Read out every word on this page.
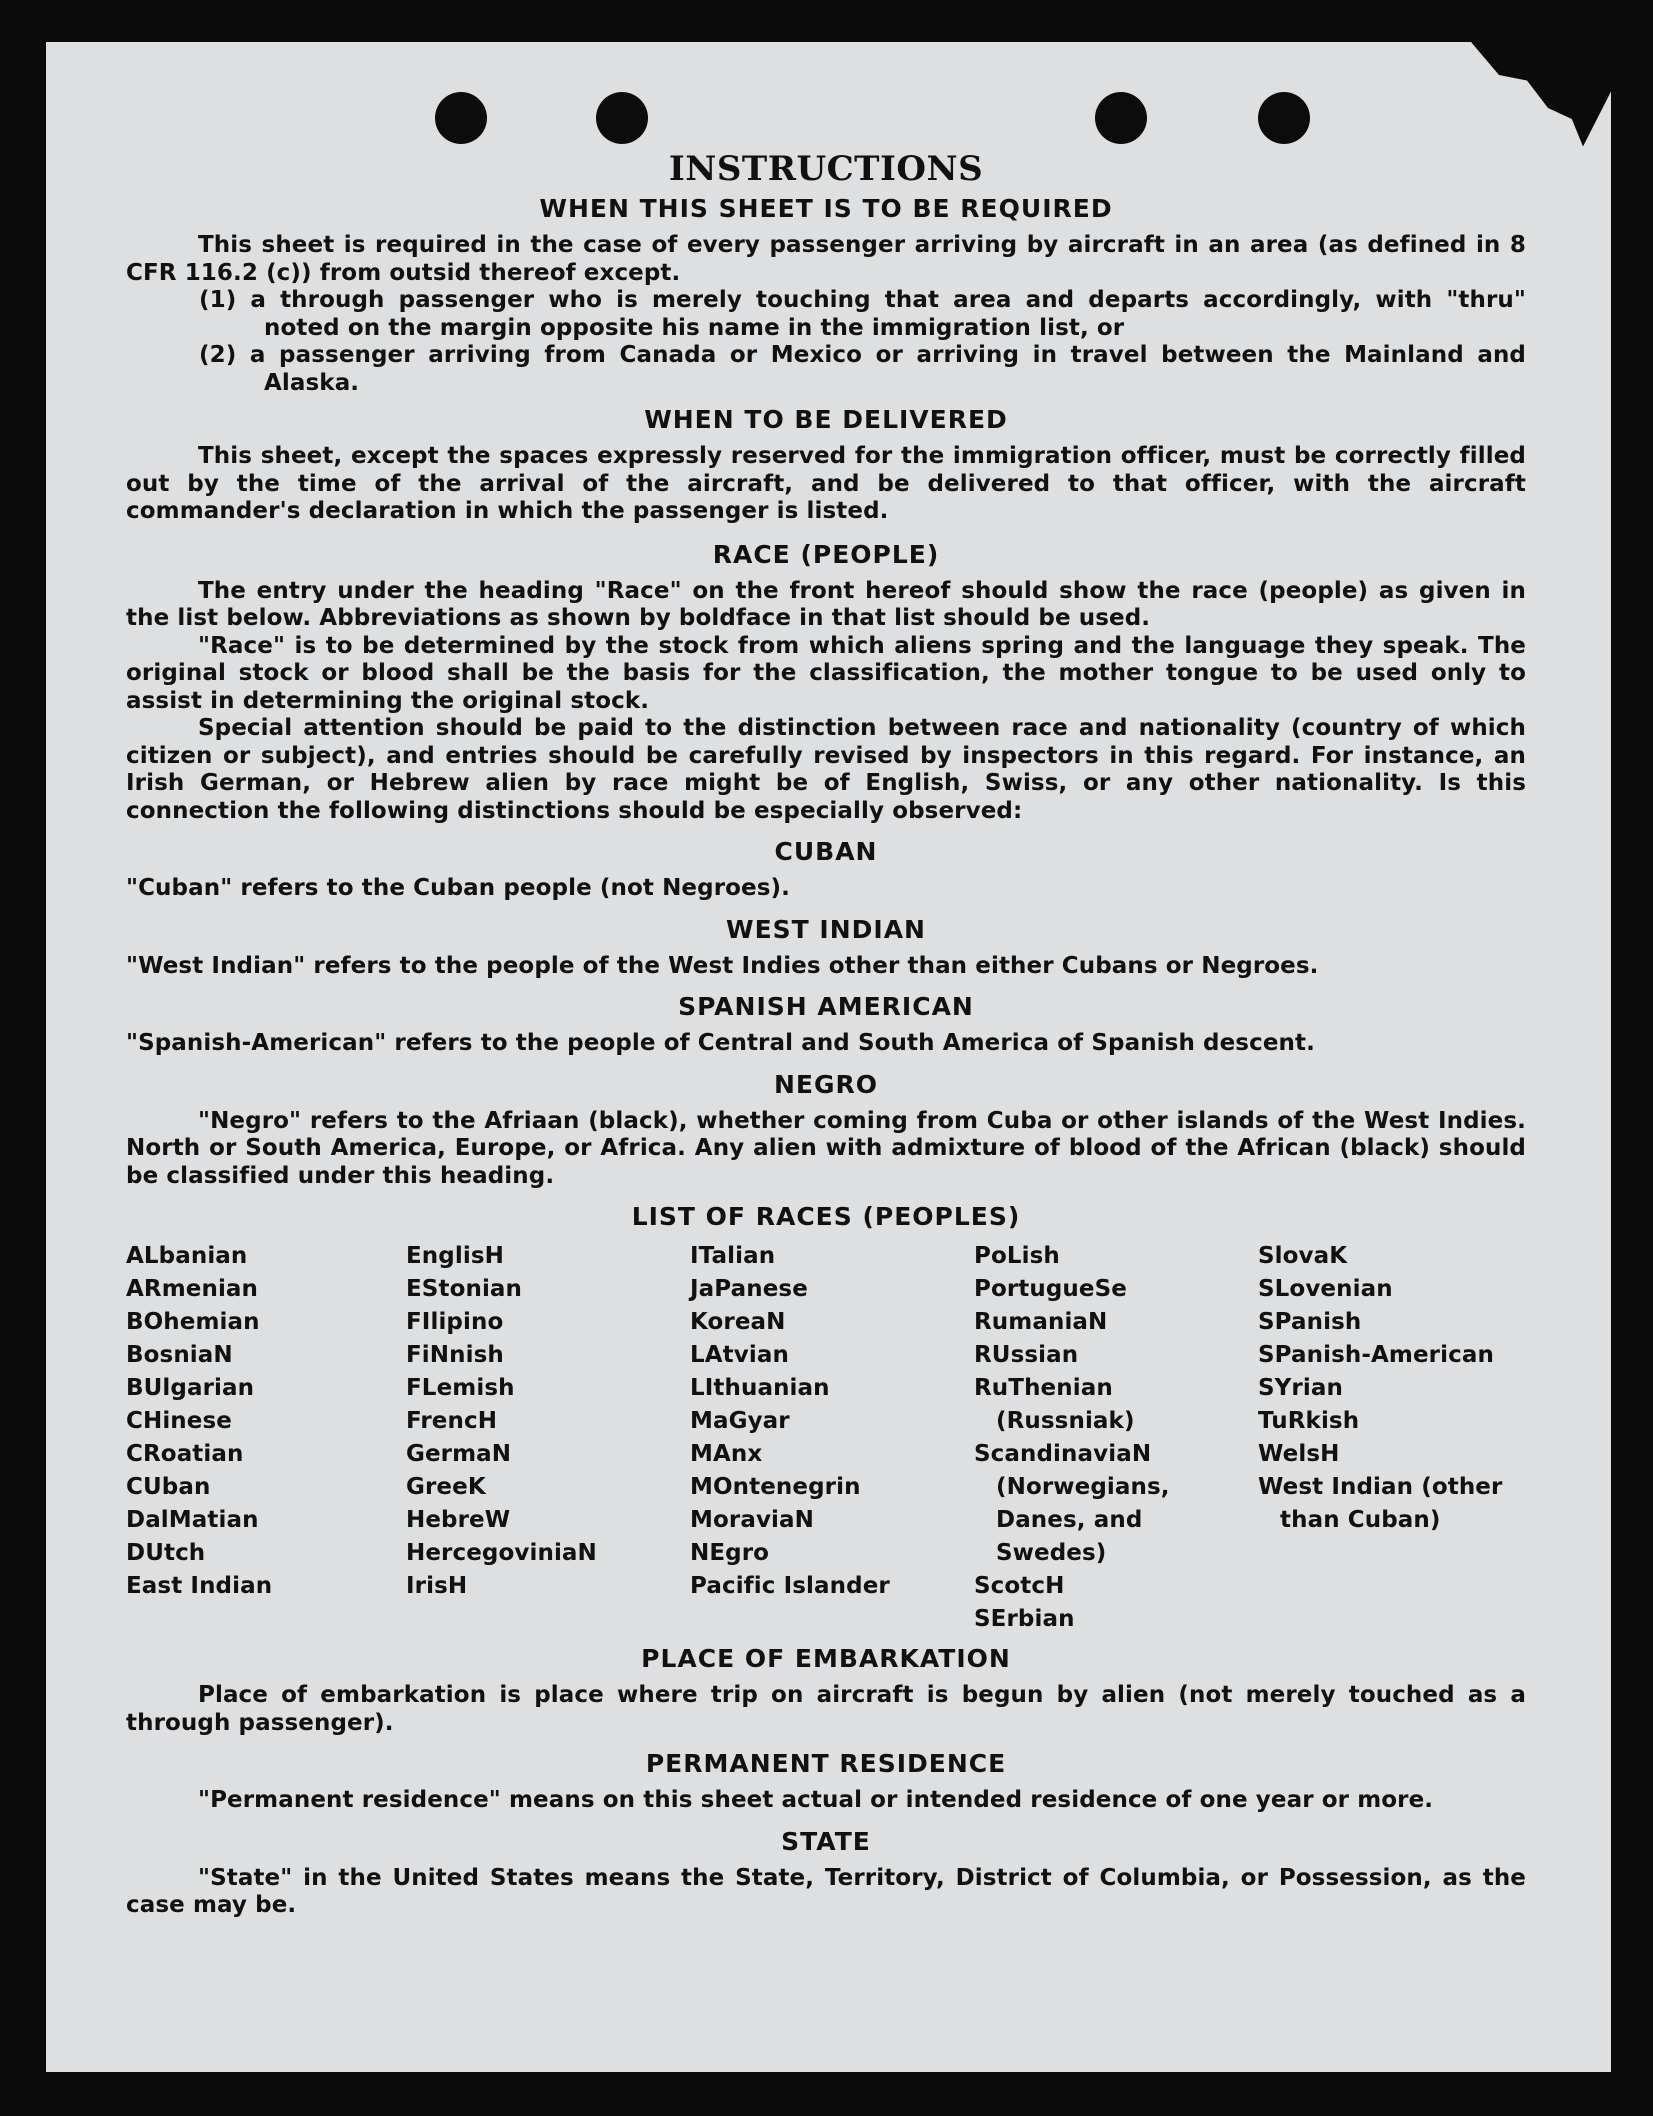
INSTRUCTIONS
WHEN THIS SHEET IS TO BE REQUIRED

This sheet is required in the case of every passenger arriving by aircraft in an area (as defined in 8 CFR 116.2 (c)) from outsid thereof except.

(1) a through passenger who is merely touching that area and departs accordingly, with "thru" noted on the margin opposite his name in the immigration list, or

(2) a passenger arriving from Canada or Mexico or arriving in travel between the Mainland and Alaska.

WHEN TO BE DELIVERED

This sheet, except the spaces expressly reserved for the immigration officer, must be correctly filled out by the time of the arrival of the aircraft, and be delivered to that officer, with the aircraft commander's declaration in which the passenger is listed.

RACE (PEOPLE)

The entry under the heading "Race" on the front hereof should show the race (people) as given in the list below. Abbreviations as shown by boldface in that list should be used.

"Race" is to be determined by the stock from which aliens spring and the language they speak. The original stock or blood shall be the basis for the classification, the mother tongue to be used only to assist in determining the original stock.

Special attention should be paid to the distinction between race and nationality (country of which citizen or subject), and entries should be carefully revised by inspectors in this regard. For instance, an Irish German, or Hebrew alien by race might be of English, Swiss, or any other nationality. Is this connection the following distinctions should be especially observed:

CUBAN

"Cuban" refers to the Cuban people (not Negroes).

WEST INDIAN

"West Indian" refers to the people of the West Indies other than either Cubans or Negroes.

SPANISH AMERICAN

"Spanish-American" refers to the people of Central and South America of Spanish descent.

NEGRO

"Negro" refers to the Afriaan (black), whether coming from Cuba or other islands of the West Indies. North or South America, Europe, or Africa. Any alien with admixture of blood of the African (black) should be classified under this heading.

LIST OF RACES (PEOPLES)
ALbanian
ARmenian
BOhemian
BosniaN
BUlgarian
CHinese
CRoatian
CUban
DalMatian
DUtch
East Indian
EnglisH
EStonian
FIlipino
FiNnish
FLemish
FrencH
GermaN
GreeK
HebreW
HercegoviniaN
IrisH
ITalian
JaPanese
KoreaN
LAtvian
LIthuanian
MaGyar
MAnx
MOntenegrin
MoraviaN
NEgro
Pacific Islander
PoLish
PortugueSe
RumaniaN
RUssian
RuThenian (Russniak)
ScandinaviaN (Norwegians, Danes, and Swedes)
ScotcH
SErbian
SlovaK
SLovenian
SPanish
SPanish-American
SYrian
TuRkish
WelsH
West Indian (other than Cuban)
PLACE OF EMBARKATION

Place of embarkation is place where trip on aircraft is begun by alien (not merely touched as a through passenger).

PERMANENT RESIDENCE

"Permanent residence" means on this sheet actual or intended residence of one year or more.

STATE

"State" in the United States means the State, Territory, District of Columbia, or Possession, as the case may be.
